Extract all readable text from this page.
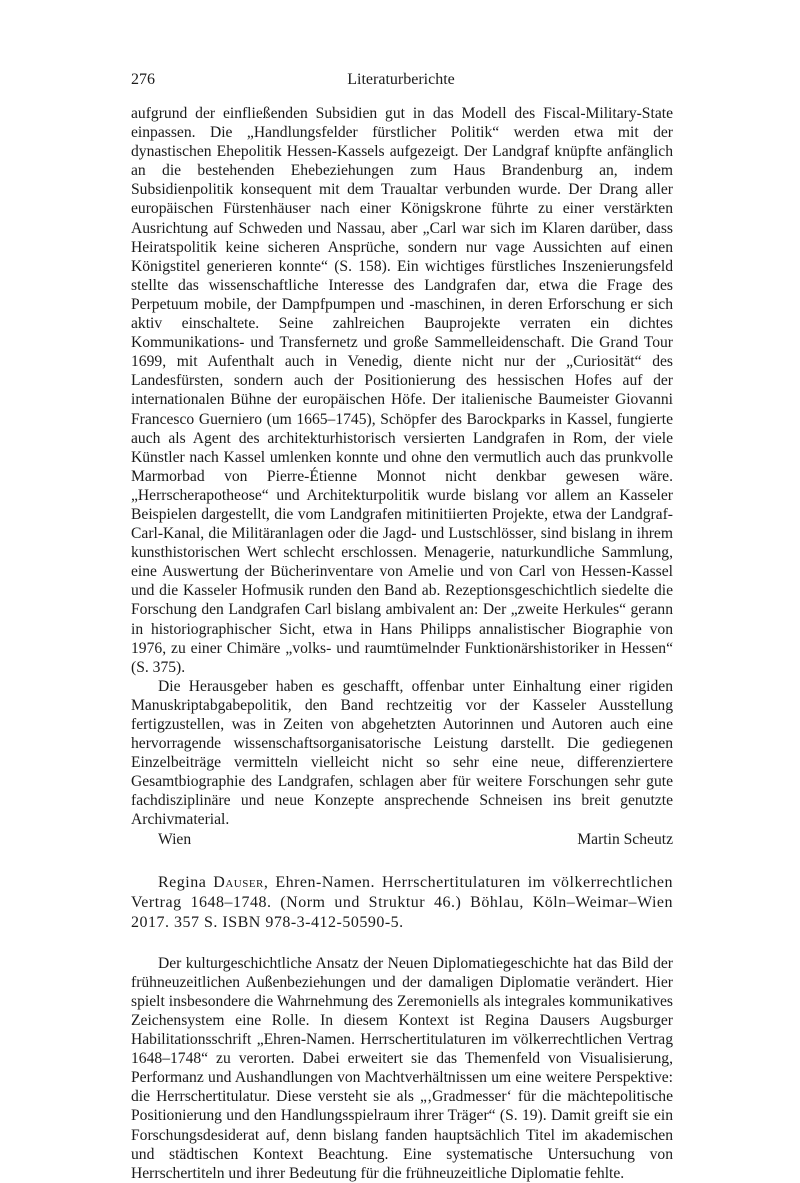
276	Literaturberichte

aufgrund der einfließenden Subsidien gut in das Modell des Fiscal-Military-State einpassen. Die „Handlungsfelder fürstlicher Politik“ werden etwa mit der dynastischen Ehepolitik Hessen-Kassels aufgezeigt. Der Landgraf knüpfte anfänglich an die bestehenden Ehebeziehungen zum Haus Brandenburg an, indem Subsidienpolitik konsequent mit dem Traualtar verbunden wurde. Der Drang aller europäischen Fürstenhäuser nach einer Königskrone führte zu einer verstärkten Ausrichtung auf Schweden und Nassau, aber „Carl war sich im Klaren darüber, dass Heiratspolitik keine sicheren Ansprüche, sondern nur vage Aussichten auf einen Königstitel generieren konnte“ (S. 158). Ein wichtiges fürstliches Inszenierungsfeld stellte das wissenschaftliche Interesse des Landgrafen dar, etwa die Frage des Perpetuum mobile, der Dampfpumpen und -maschinen, in deren Erforschung er sich aktiv einschaltete. Seine zahlreichen Bauprojekte verraten ein dichtes Kommunikations- und Transfernetz und große Sammelleidenschaft. Die Grand Tour 1699, mit Aufenthalt auch in Venedig, diente nicht nur der „Curiosität“ des Landesfürsten, sondern auch der Positionierung des hessischen Hofes auf der internationalen Bühne der europäischen Höfe. Der italienische Baumeister Giovanni Francesco Guerniero (um 1665–1745), Schöpfer des Barockparks in Kassel, fungierte auch als Agent des architekturhistorisch versierten Landgrafen in Rom, der viele Künstler nach Kassel umlenken konnte und ohne den vermutlich auch das prunkvolle Marmorbad von Pierre-Étienne Monnot nicht denkbar gewesen wäre. „Herrscherapotheose“ und Architekturpolitik wurde bislang vor allem an Kasseler Beispielen dargestellt, die vom Landgrafen mitinitiierten Projekte, etwa der Landgraf-Carl-Kanal, die Militäranlagen oder die Jagd- und Lustschlösser, sind bislang in ihrem kunsthistorischen Wert schlecht erschlossen. Menagerie, naturkundliche Sammlung, eine Auswertung der Bücherinventare von Amelie und von Carl von Hessen-Kassel und die Kasseler Hofmusik runden den Band ab. Rezeptionsgeschichtlich siedelte die Forschung den Landgrafen Carl bislang ambivalent an: Der „zweite Herkules“ gerann in historiographischer Sicht, etwa in Hans Philipps annalistischer Biographie von 1976, zu einer Chimäre „volks- und raumtümelnder Funktionärshistoriker in Hessen“ (S. 375).

Die Herausgeber haben es geschafft, offenbar unter Einhaltung einer rigiden Manuskriptabgabepolitik, den Band rechtzeitig vor der Kasseler Ausstellung fertigzustellen, was in Zeiten von abgehetzten Autorinnen und Autoren auch eine hervorragende wissenschaftsorganisatorische Leistung darstellt. Die gediegenen Einzelbeiträge vermitteln vielleicht nicht so sehr eine neue, differenziertere Gesamtbiographie des Landgrafen, schlagen aber für weitere Forschungen sehr gute fachdisziplinäre und neue Konzepte ansprechende Schneisen ins breit genutzte Archivmaterial.

Wien	Martin Scheutz

Regina Dauser, Ehren-Namen. Herrschertitulaturen im völkerrechtlichen Vertrag 1648–1748. (Norm und Struktur 46.) Böhlau, Köln–Weimar–Wien 2017. 357 S. ISBN 978-3-412-50590-5.

Der kulturgeschichtliche Ansatz der Neuen Diplomatiegeschichte hat das Bild der frühneuzeitlichen Außenbeziehungen und der damaligen Diplomatie verändert. Hier spielt insbesondere die Wahrnehmung des Zeremoniells als integrales kommunikatives Zeichensystem eine Rolle. In diesem Kontext ist Regina Dausers Augsburger Habilitationsschrift „Ehren-Namen. Herrschertitulaturen im völkerrechtlichen Vertrag 1648–1748“ zu verorten. Dabei erweitert sie das Themenfeld von Visualisierung, Performanz und Aushandlungen von Machtverhältnissen um eine weitere Perspektive: die Herrschertitulatur. Diese versteht sie als „‚Gradmesser‘ für die mächtepolitische Positionierung und den Handlungsspielraum ihrer Träger“ (S. 19). Damit greift sie ein Forschungsdesiderat auf, denn bislang fanden hauptsächlich Titel im akademischen und städtischen Kontext Beachtung. Eine systematische Untersuchung von Herrschertiteln und ihrer Bedeutung für die frühneuzeitliche Diplomatie fehlte.
